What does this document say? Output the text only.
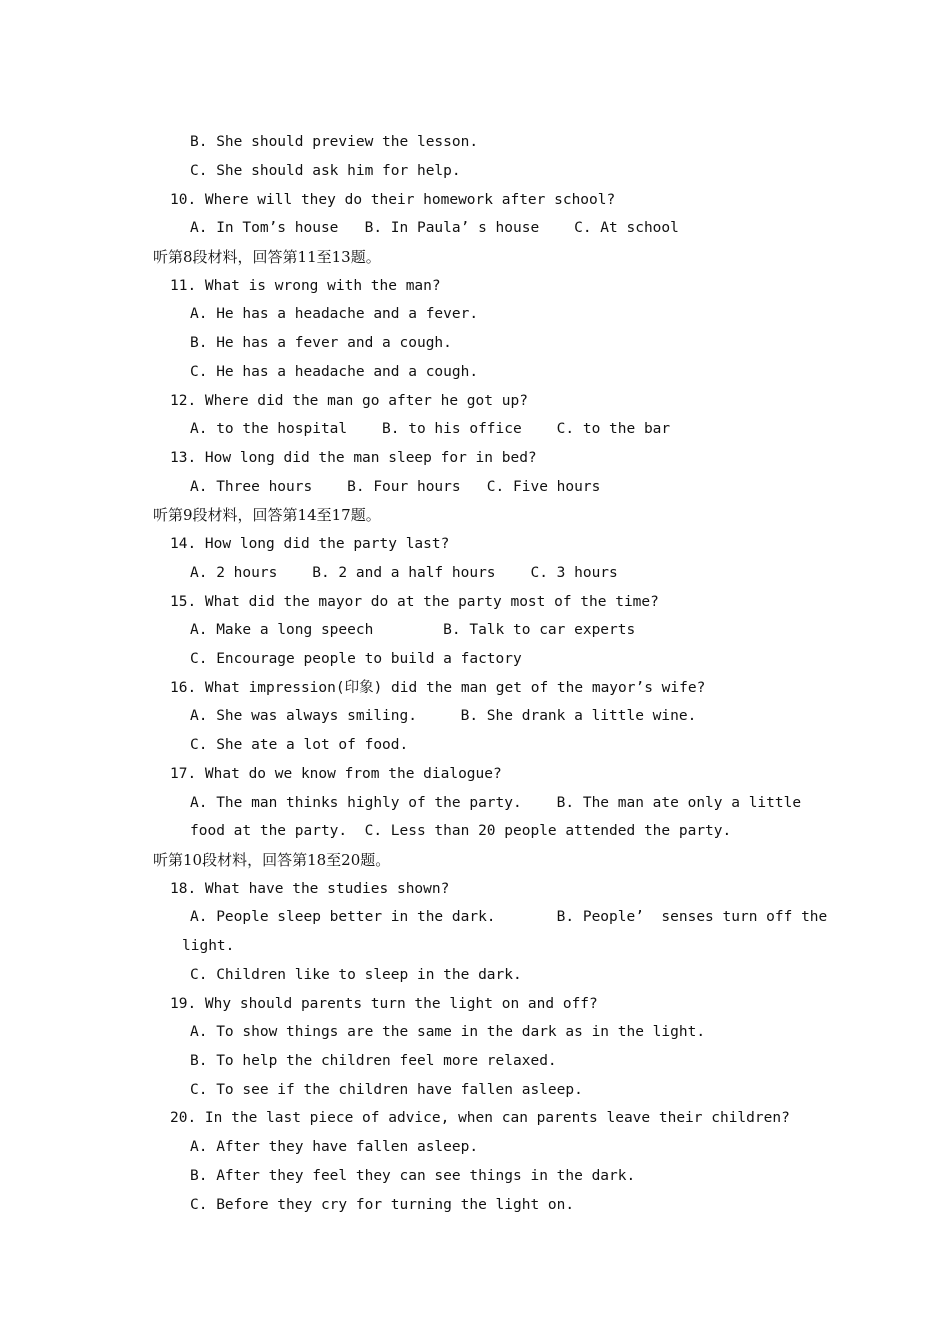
B. She should preview the lesson.
C. She should ask him for help.
10. Where will they do their homework after school?
A. In Tom’s house   B. In Paula’ s house    C. At school
听第8段材料，回答第11至13题。
11. What is wrong with the man?
A. He has a headache and a fever.
B. He has a fever and a cough.
C. He has a headache and a cough.
12. Where did the man go after he got up?
A. to the hospital    B. to his office    C. to the bar
13. How long did the man sleep for in bed?
A. Three hours    B. Four hours   C. Five hours
听第9段材料，回答第14至17题。
14. How long did the party last?
A. 2 hours    B. 2 and a half hours    C. 3 hours
15. What did the mayor do at the party most of the time?
A. Make a long speech        B. Talk to car experts
C. Encourage people to build a factory
16. What impression(印象) did the man get of the mayor’s wife?
A. She was always smiling.     B. She drank a little wine.
C. She ate a lot of food.
17. What do we know from the dialogue?
A. The man thinks highly of the party.    B. The man ate only a little
food at the party.  C. Less than 20 people attended the party.
听第10段材料，回答第18至20题。
18. What have the studies shown?
A. People sleep better in the dark.       B. People’  senses turn off the
light.
C. Children like to sleep in the dark.
19. Why should parents turn the light on and off?
A. To show things are the same in the dark as in the light.
B. To help the children feel more relaxed.
C. To see if the children have fallen asleep.
20. In the last piece of advice, when can parents leave their children?
A. After they have fallen asleep.
B. After they feel they can see things in the dark.
C. Before they cry for turning the light on.
